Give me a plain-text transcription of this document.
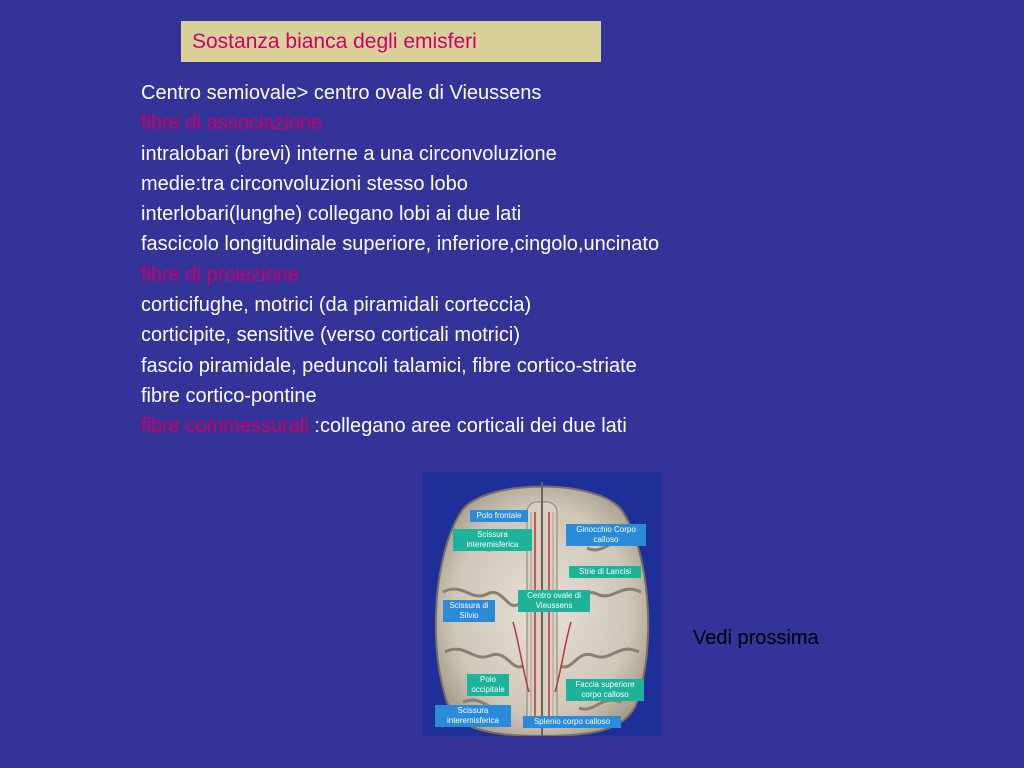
Sostanza bianca degli emisferi
Centro semiovale> centro ovale di Vieussens
fibre di associazione
intralobari (brevi) interne a una circonvoluzione
medie:tra circonvoluzioni stesso lobo
interlobari(lunghe) collegano lobi ai due lati
fascicolo longitudinale superiore, inferiore,cingolo,uncinato
fibre di proiezione
corticifughe, motrici (da piramidali corteccia)
corticipite, sensitive (verso corticali motrici)
fascio piramidale, peduncoli talamici, fibre cortico-striate
fibre cortico-pontine
fibre commessurali :collegano aree corticali dei due lati
Polo frontale
Scissura interemisferica
Ginocchio Corpo calloso
Strie di Lancisi
Scissura di Silvio
Centro ovale di Vieussens
Polo occipitale
Faccia superiore corpo calloso
Scissura interemisferica	Splenio corpo calloso
Vedi prossima
